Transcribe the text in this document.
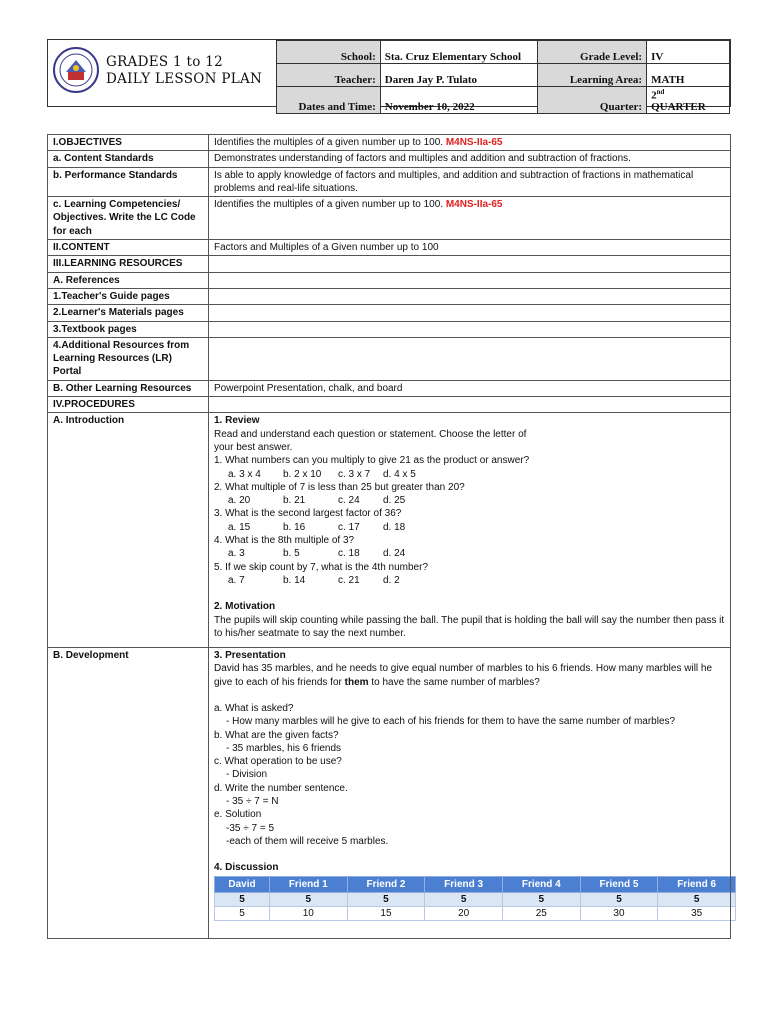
GRADES 1 to 12
DAILY LESSON PLAN
School:	Sta. Cruz Elementary School	Grade Level:	IV
Teacher:	Daren Jay P. Tulato	Learning Area:	MATH
Dates and Time:	November 10, 2022	Quarter:	2nd
QUARTER
I.OBJECTIVES	Identifies the multiples of a given number up to 100. M4NS-IIa-65
a. Content Standards	Demonstrates understanding of factors and multiples and addition and subtraction of fractions.
b. Performance Standards	Is able to apply knowledge of factors and multiples, and addition and subtraction of fractions in mathematical problems and real-life situations.
c. Learning Competencies/ Objectives. Write the LC Code for each	Identifies the multiples of a given number up to 100. M4NS-IIa-65
II.CONTENT	Factors and Multiples of a Given number up to 100
III.LEARNING RESOURCES	
A. References	
1.Teacher's Guide pages	
2.Learner's Materials pages	
3.Textbook pages	
4.Additional Resources from Learning Resources (LR) Portal	
B. Other Learning Resources	Powerpoint Presentation, chalk, and board
IV.PROCEDURES	
A. Introduction	1. Review
Read and understand each question or statement. Choose the letter of
your best answer.
1. What numbers can you multiply to give 21 as the product or answer?
a. 3 x 4 b. 2 x 10 c. 3 x 7 d. 4 x 5
2. What multiple of 7 is less than 25 but greater than 20?
a. 20	b. 21	c. 24 d. 25
3. What is the second largest factor of 36?
a. 15	b. 16	c. 17 d. 18
4. What is the 8th multiple of 3?
a. 3	b. 5	c. 18 d. 24
5. If we skip count by 7, what is the 4th number?
a. 7	b. 14	c. 21 d. 2
2. Motivation
The pupils will skip counting while passing the ball. The pupil that is holding the ball will say the number then pass it to his/her seatmate to say the next number.

B. Development	3. Presentation
David has 35 marbles, and he needs to give equal number of marbles to his 6 friends. How many marbles will he give to each of his friends for them to have the same number of marbles?
a. What is asked?
- How many marbles will he give to each of his friends for them to have the same number of marbles?
b. What are the given facts?
- 35 marbles, his 6 friends
c. What operation to be use?
- Division
d. Write the number sentence.
- 35 ÷ 7 = N
e. Solution
-35 ÷ 7 = 5
-each of them will receive 5 marbles.
4. Discussion
David	Friend 1	Friend 2	Friend 3	Friend 4	Friend 5	Friend 6
5	5	5	5	5	5	5
5	10	15	20	25	30	35
